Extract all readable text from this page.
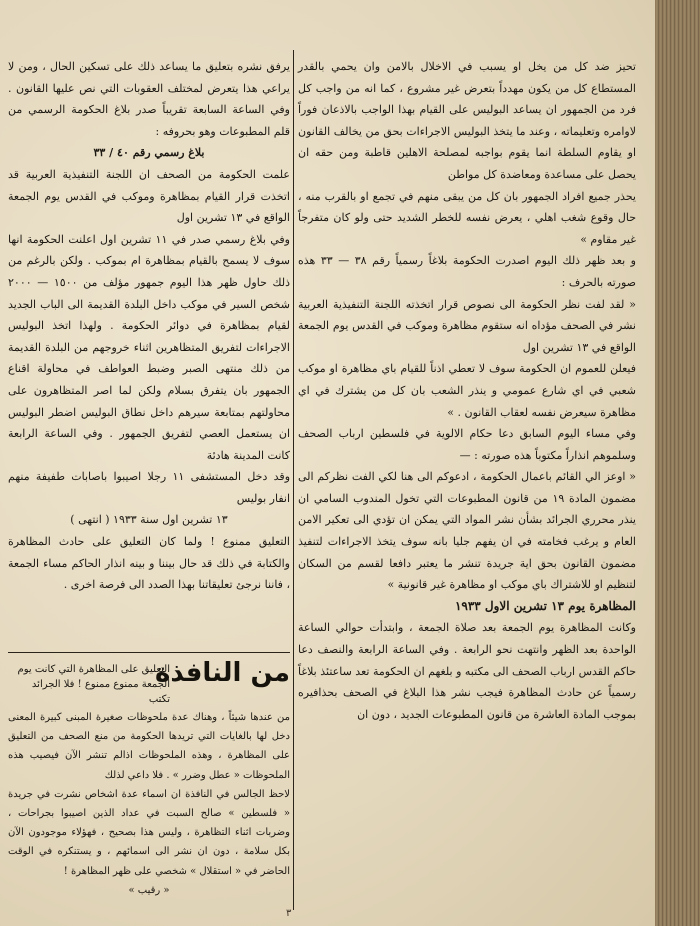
تحيز ضد كل من يخل او يسبب في الاخلال بالامن وان يحمي بالقدر المستطاع كل من يكون مهدداً بتعرض غير مشروع ، كما انه من واجب كل فرد من الجمهور ان يساعد البوليس على القيام بهذا الواجب بالاذعان فوراً لاوامره وتعليماته ، وعند ما يتخذ البوليس الاجراءات بحق من يخالف القانون او يقاوم السلطة انما يقوم بواجبه لمصلحة الاهلين قاطبة ومن حقه ان يحصل على مساعدة ومعاضدة كل مواطن

يحذر جميع افراد الجمهور بان كل من يبقى منهم في تجمع او بالقرب منه ، حال وقوع شغب اهلي ، يعرض نفسه للخطر الشديد حتى ولو كان متفرجاً غير مقاوم »

و بعد ظهر ذلك اليوم اصدرت الحكومة بلاغاً رسمياً رقم ٣٨ — ٣٣ هذه صورته بالحرف :

« لقد لفت نظر الحكومة الى نصوص قرار اتخذته اللجنة التنفيذية العربية نشر في الصحف مؤداه انه ستقوم مظاهرة وموكب في القدس يوم الجمعة الواقع في ١٣ تشرين اول

فيعلن للعموم ان الحكومة سوف لا تعطي اذناً للقيام باي مظاهرة او موكب شعبي في اي شارع عمومي و ينذر الشعب بان كل من يشترك في اي مظاهرة سيعرض نفسه لعقاب القانون . »

وفي مساء اليوم السابق دعا حكام الالوية في فلسطين ارباب الصحف وسلموهم انذاراً مكتوباً هذه صورته : —

« اوعز الي القائم باعمال الحكومة ، ادعوكم الى هنا لكي الفت نظركم الى مضمون المادة ١٩ من قانون المطبوعات التي تخول المندوب السامي ان ينذر محرري الجرائد بشأن نشر المواد التي يمكن ان تؤدي الى تعكير الامن العام و يرغب فخامته في ان يفهم جليا بانه سوف يتخذ الاجراءات لتنفيذ مضمون القانون بحق اية جريدة تنشر ما يعتبر دافعا لقسم من السكان لتنظيم او للاشتراك باي موكب او مظاهرة غير قانونية »

المظاهرة يوم ١٣ تشرين الاول ١٩٣٣

وكانت المظاهرة يوم الجمعة بعد صلاة الجمعة ، وابتدأت حوالي الساعة الواحدة بعد الظهر وانتهت نحو الرابعة . وفي الساعة الرابعة والنصف دعا حاكم القدس ارباب الصحف الى مكتبه و بلغهم ان الحكومة تعد ساعتئذ بلاغاً رسمياً عن حادث المظاهرة فيجب نشر هذا البلاغ في الصحف بحذافيره بموجب المادة العاشرة من قانون المطبوعات الجديد ، دون ان

يرفق نشره بتعليق ما يساعد ذلك على تسكين الحال ، ومن لا يراعي هذا يتعرض لمختلف العقوبات التي نص عليها القانون . وفي الساعة السابعة تقريباً صدر بلاغ الحكومة الرسمي من قلم المطبوعات وهو بحروفه :

بلاغ رسمي رقم ٤٠ / ٣٣

علمت الحكومة من الصحف ان اللجنة التنفيذية العربية قد اتخذت قرار القيام بمظاهرة وموكب في القدس يوم الجمعة الواقع في ١٣ تشرين اول

وفي بلاغ رسمي صدر في ١١ تشرين اول اعلنت الحكومة انها سوف لا يسمح بالقيام بمظاهرة ام بموكب . ولكن بالرغم من ذلك حاول ظهر هذا اليوم جمهور مؤلف من ١٥٠٠ — ٢٠٠٠ شخص السير في موكب داخل البلدة القديمة الى الباب الجديد لقيام بمظاهرة في دوائر الحكومة . ولهذا اتخذ البوليس الاجراءات لتفريق المتظاهرين اثناء خروجهم من البلدة القديمة من ذلك منتهى الصبر وضبط العواطف في محاولة اقناع الجمهور بان يتفرق بسلام ولكن لما اصر المتظاهرون على محاولتهم بمتابعة سيرهم داخل نطاق البوليس اضطر البوليس ان يستعمل العصي لتفريق الجمهور . وفي الساعة الرابعة كانت المدينة هادئة

وقد دخل المستشفى ١١ رجلا اصيبوا باصابات طفيفة منهم انفار بوليس

١٣ تشرين اول سنة ١٩٣٣ ( انتهى )

التعليق ممنوع ! ولما كان التعليق على حادث المظاهرة والكتابة في ذلك قد حال بيننا و بينه انذار الحاكم مساء الجمعة ، فاننا نرجئ تعليقاتنا بهذا الصدد الى فرصة اخرى .

من النافذة
التعليق على المظاهرة التي كانت يوم الجمعة ممنوع ممنوع ! فلا الجرائد تكتب

من عندها شيئاً ، وهناك عدة ملحوظات صغيرة المبنى كبيرة المعنى دخل لها بالغايات التي تريدها الحكومة من منع الصحف من التعليق على المظاهرة ، وهذه الملحوظات اذالم تنشر الآن فيصيب هذه الملحوظات « عطل وضرر » . فلا داعي لذلك

لاحظ الجالس في النافذة ان اسماء عدة اشخاص نشرت في جريدة « فلسطين » صالح السبت في عداد الذين اصيبوا بجراحات ، وضربات اثناء التظاهرة ، وليس هذا بصحيح ، فهؤلاء موجودون الآن بكل سلامة ، دون ان نشر الى اسمائهم ، و يستنكره في الوقت الحاضر في « استقلال » شخصي على ظهر المظاهرة !

« رقيب »

٣
